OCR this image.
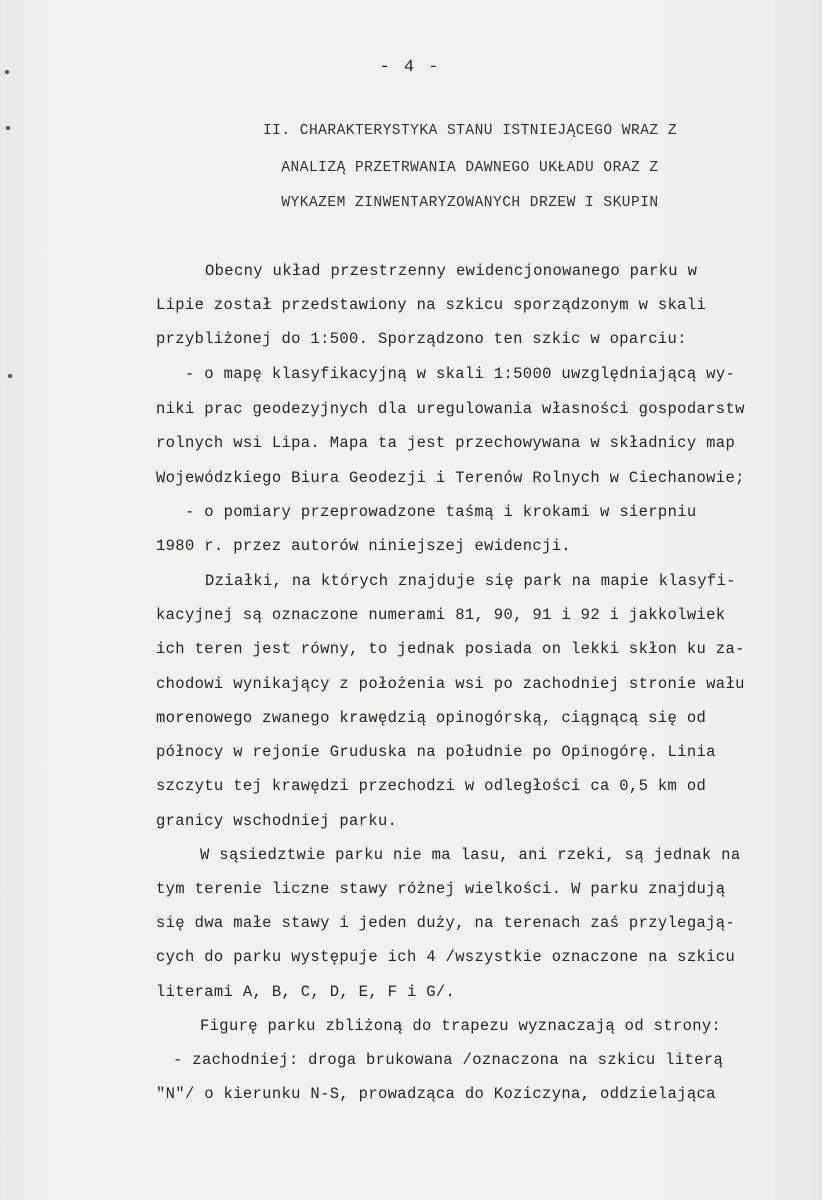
- 4 -
II. CHARAKTERYSTYKA STANU ISTNIEJĄCEGO WRAZ Z
ANALIZĄ PRZETRWANIA DAWNEGO UKŁADU ORAZ Z
WYKAZEM ZINWENTARYZOWANYCH DRZEW I SKUPIN
Obecny układ przestrzenny ewidencjonowanego parku w
Lipie został przedstawiony na szkicu sporządzonym w skali
przybliżonej do 1:500. Sporządzono ten szkic w oparciu:
- o mapę klasyfikacyjną w skali 1:5000 uwzględniającą wy-
niki prac geodezyjnych dla uregulowania własności gospodarstw
rolnych wsi Lipa. Mapa ta jest przechowywana w składnicy map
Wojewódzkiego Biura Geodezji i Terenów Rolnych w Ciechanowie;
- o pomiary przeprowadzone taśmą i krokami w sierpniu
1980 r. przez autorów niniejszej ewidencji.
Działki, na których znajduje się park na mapie klasyfi-
kacyjnej są oznaczone numerami 81, 90, 91 i 92 i jakkolwiek
ich teren jest równy, to jednak posiada on lekki skłon ku za-
chodowi wynikający z położenia wsi po zachodniej stronie wału
morenowego zwanego krawędzią opinogórską, ciągnącą się od
północy w rejonie Gruduska na południe po Opinogórę. Linia
szczytu tej krawędzi przechodzi w odległości ca 0,5 km od
granicy wschodniej parku.
W sąsiedztwie parku nie ma lasu, ani rzeki, są jednak na
tym terenie liczne stawy różnej wielkości. W parku znajdują
się dwa małe stawy i jeden duży, na terenach zaś przylegają-
cych do parku występuje ich 4 /wszystkie oznaczone na szkicu
literami A, B, C, D, E, F i G/.
Figurę parku zbliżoną do trapezu wyznaczają od strony:
- zachodniej: droga brukowana /oznaczona na szkicu literą
"N"/ o kierunku N-S, prowadząca do Koziczyna, oddzielająca
